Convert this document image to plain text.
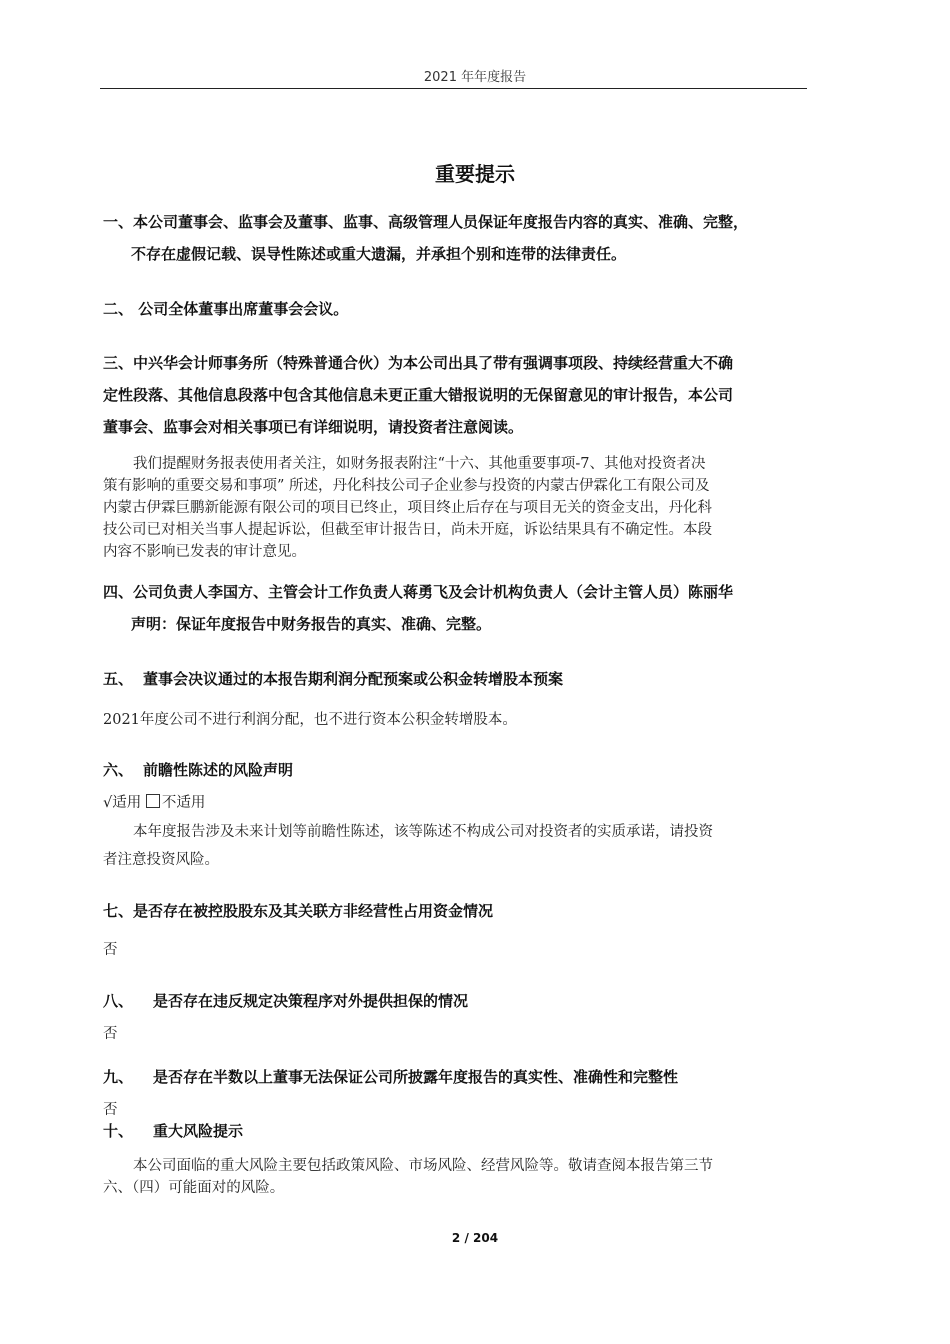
2021 年年度报告
重要提示
一、本公司董事会、监事会及董事、监事、高级管理人员保证年度报告内容的真实、准确、完整，
不存在虚假记载、误导性陈述或重大遗漏，并承担个别和连带的法律责任。
二、 公司全体董事出席董事会会议。
三、中兴华会计师事务所（特殊普通合伙）为本公司出具了带有强调事项段、持续经营重大不确
定性段落、其他信息段落中包含其他信息未更正重大错报说明的无保留意见的审计报告，本公司
董事会、监事会对相关事项已有详细说明，请投资者注意阅读。
我们提醒财务报表使用者关注，如财务报表附注“十六、其他重要事项-7、其他对投资者决
策有影响的重要交易和事项” 所述，丹化科技公司子企业参与投资的内蒙古伊霖化工有限公司及
内蒙古伊霖巨鹏新能源有限公司的项目已终止，项目终止后存在与项目无关的资金支出，丹化科
技公司已对相关当事人提起诉讼，但截至审计报告日，尚未开庭，诉讼结果具有不确定性。本段
内容不影响已发表的审计意见。
四、公司负责人李国方、主管会计工作负责人蒋勇飞及会计机构负责人（会计主管人员）陈丽华
声明：保证年度报告中财务报告的真实、准确、完整。
五、 董事会决议通过的本报告期利润分配预案或公积金转增股本预案
2021年度公司不进行利润分配，也不进行资本公积金转增股本。
六、 前瞻性陈述的风险声明
√适用 不适用
本年度报告涉及未来计划等前瞻性陈述，该等陈述不构成公司对投资者的实质承诺，请投资
者注意投资风险。
七、是否存在被控股股东及其关联方非经营性占用资金情况
否
八、 是否存在违反规定决策程序对外提供担保的情况
否
九、 是否存在半数以上董事无法保证公司所披露年度报告的真实性、准确性和完整性
否
十、 重大风险提示
本公司面临的重大风险主要包括政策风险、市场风险、经营风险等。敬请查阅本报告第三节
六、（四）可能面对的风险。
2 / 204
